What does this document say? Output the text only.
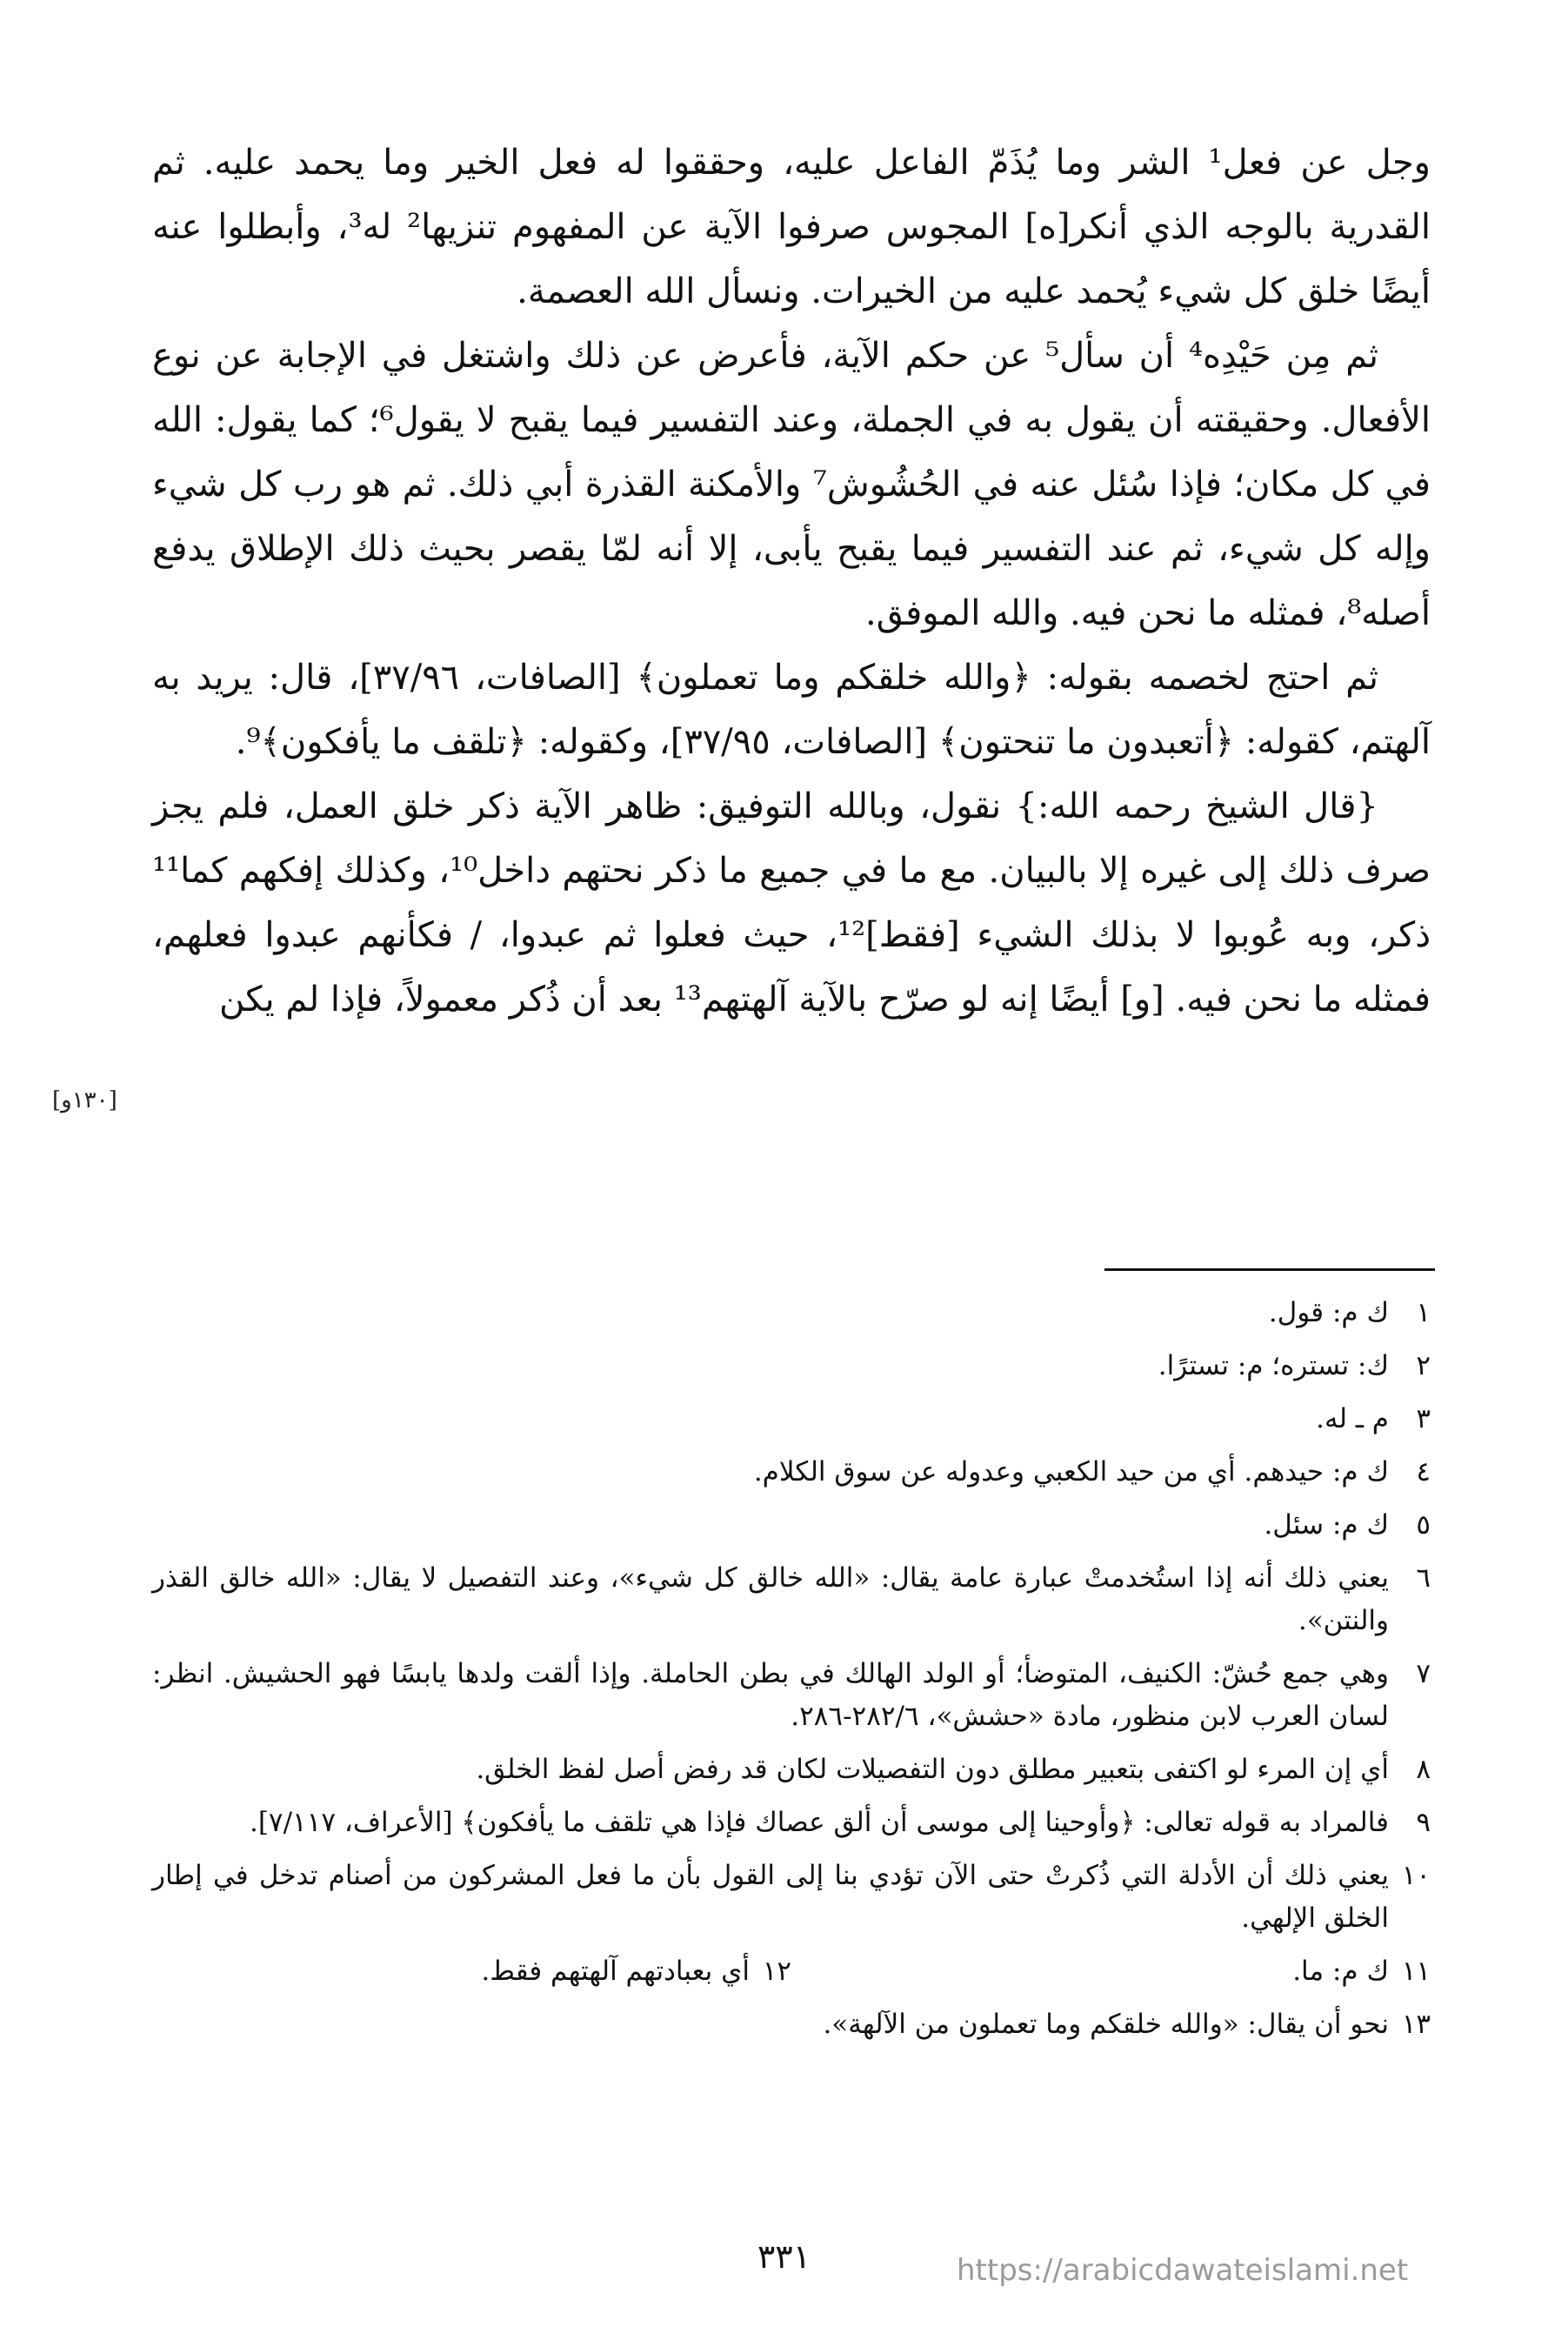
وجل عن فعل¹ الشر وما يُذَمّ الفاعل عليه، وحققوا له فعل الخير وما يحمد عليه. ثم القدرية بالوجه الذي أنكر[ه] المجوس صرفوا الآية عن المفهوم تنزيها² له³، وأبطلوا عنه أيضًا خلق كل شيء يُحمد عليه من الخيرات. ونسأل الله العصمة.

ثم مِن حَيْدِه⁴ أن سأل⁵ عن حكم الآية، فأعرض عن ذلك واشتغل في الإجابة عن نوع الأفعال. وحقيقته أن يقول به في الجملة، وعند التفسير فيما يقبح لا يقول⁶؛ كما يقول: الله في كل مكان؛ فإذا سُئل عنه في الحُشُوش⁷ والأمكنة القذرة أبي ذلك. ثم هو رب كل شيء وإله كل شيء، ثم عند التفسير فيما يقبح يأبى، إلا أنه لمّا يقصر بحيث ذلك الإطلاق يدفع أصله⁸، فمثله ما نحن فيه. والله الموفق.

ثم احتج لخصمه بقوله: ﴿والله خلقكم وما تعملون﴾ [الصافات، ٣٧/٩٦]، قال: يريد به آلهتم، كقوله: ﴿أتعبدون ما تنحتون﴾ [الصافات، ٣٧/٩٥]، وكقوله: ﴿تلقف ما يأفكون﴾⁹.

{قال الشيخ رحمه الله:} نقول، وبالله التوفيق: ظاهر الآية ذكر خلق العمل، فلم يجز صرف ذلك إلى غيره إلا بالبيان. مع ما في جميع ما ذكر نحتهم داخل¹⁰، وكذلك إفكهم كما¹¹ ذكر، وبه عُوبوا لا بذلك الشيء [فقط]¹²، حيث فعلوا ثم عبدوا، / فكأنهم عبدوا فعلهم، فمثله ما نحن فيه. [و] أيضًا إنه لو صرّح بالآية آلهتهم¹³ بعد أن ذُكر معمولاً، فإذا لم يكن

[١٣٠و]
١
ك م: قول.
٢
ك: تستره؛ م: تسترًا.
٣
م ـ له.
٤
ك م: حيدهم. أي من حيد الكعبي وعدوله عن سوق الكلام.
٥
ك م: سئل.
٦
يعني ذلك أنه إذا استُخدمتْ عبارة عامة يقال: «الله خالق كل شيء»، وعند التفصيل لا يقال: «الله خالق القذر والنتن».
٧
وهي جمع حُشّ: الكنيف، المتوضأ؛ أو الولد الهالك في بطن الحاملة. وإذا ألقت ولدها يابسًا فهو الحشيش. انظر: لسان العرب لابن منظور، مادة «حشش»، ٢٨٢/٦-٢٨٦.
٨
أي إن المرء لو اكتفى بتعبير مطلق دون التفصيلات لكان قد رفض أصل لفظ الخلق.
٩
فالمراد به قوله تعالى: ﴿وأوحينا إلى موسى أن ألق عصاك فإذا هي تلقف ما يأفكون﴾ [الأعراف، ٧/١١٧].
١٠
يعني ذلك أن الأدلة التي ذُكرتْ حتى الآن تؤدي بنا إلى القول بأن ما فعل المشركون من أصنام تدخل في إطار الخلق الإلهي.
١١
ك م: ما.
١٢
أي بعبادتهم آلهتهم فقط.
١٣
نحو أن يقال: «والله خلقكم وما تعملون من الآلهة».
٣٣١	https://arabicdawateislami.net
